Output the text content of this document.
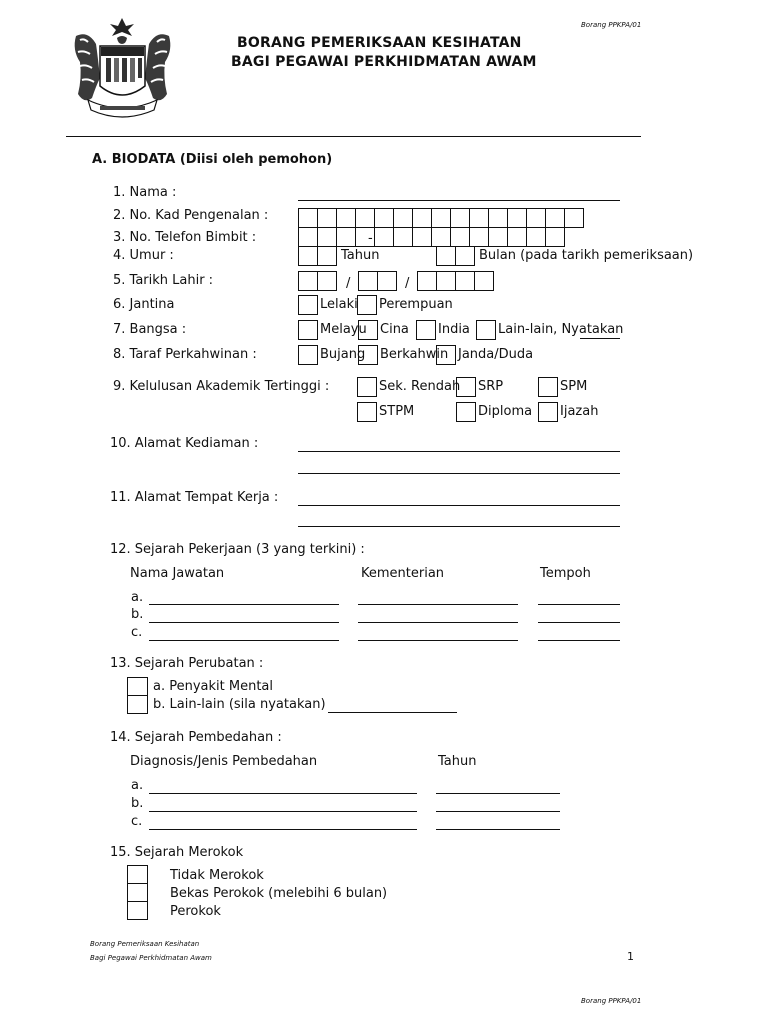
Borang PPKPA/01
BORANG PEMERIKSAAN KESIHATAN
BAGI PEGAWAI PERKHIDMATAN AWAM
A. BIODATA (Diisi oleh pemohon)
1. Nama :
2. No. Kad Pengenalan :
3. No. Telefon Bimbit :	-
4. Umur :	Tahun	Bulan (pada tarikh pemeriksaan)
5. Tarikh Lahir :	/	/
6. Jantina	Lelaki Perempuan
7. Bangsa :	Melayu Cina India Lain-lain, Nyatakan
8. Taraf Perkahwinan :	Bujang Berkahwin Janda/Duda
9. Kelulusan Akademik Tertinggi :	Sek. Rendah SRP	SPM
STPM	Diploma Ijazah
10. Alamat Kediaman :
11. Alamat Tempat Kerja :
12. Sejarah Pekerjaan (3 yang terkini) :
Nama Jawatan	Kementerian	Tempoh
a.
b.
c.
13. Sejarah Perubatan :
a. Penyakit Mental
b. Lain-lain (sila nyatakan)
14. Sejarah Pembedahan :
Diagnosis/Jenis Pembedahan	Tahun
a.
b.
c.
15. Sejarah Merokok
Tidak Merokok
Bekas Perokok (melebihi 6 bulan)
Perokok
Borang Pemeriksaan Kesihatan
Bagi Pegawai Perkhidmatan Awam	1
Borang PPKPA/01
